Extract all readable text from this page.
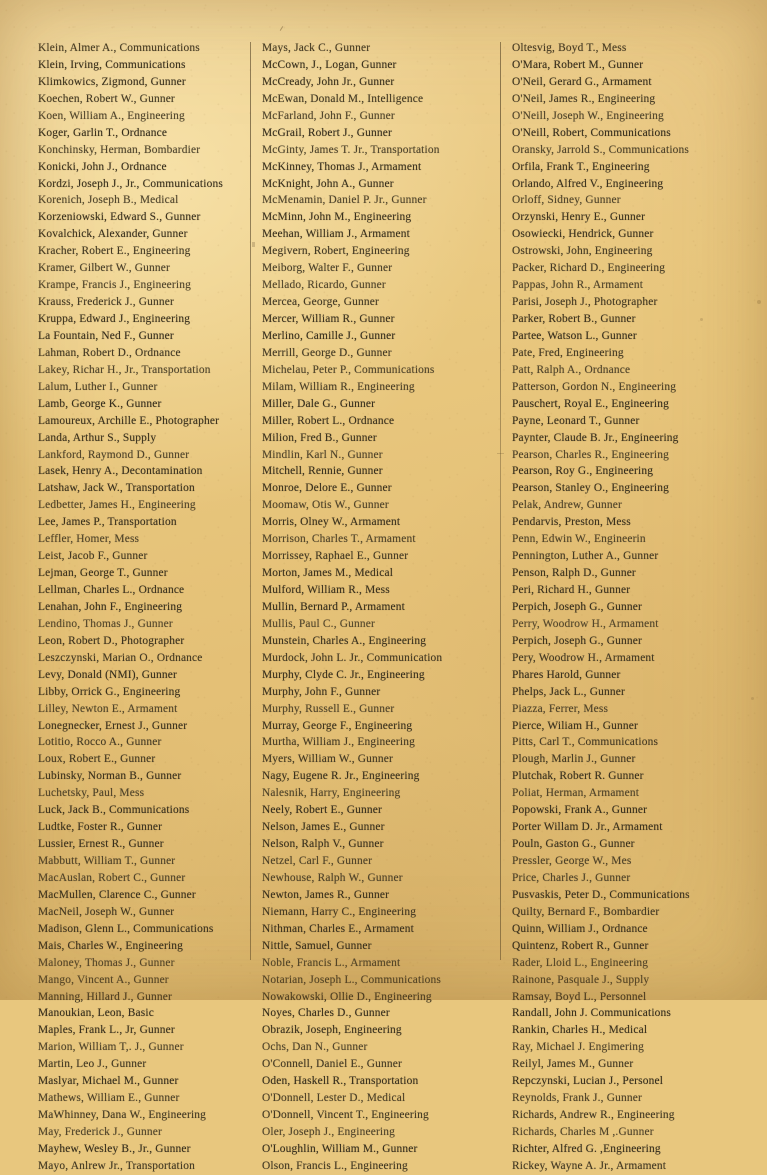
Klein, Almer A., Communications
Klein, Irving, Communications
Klimkowics, Zigmond, Gunner
Koechen, Robert W., Gunner
Koen, William A., Engineering
Koger, Garlin T., Ordnance
Konchinsky, Herman, Bombardier
Konicki, John J., Ordnance
Kordzi, Joseph J., Jr., Communications
Korenich, Joseph B., Medical
Korzeniowski, Edward S., Gunner
Kovalchick, Alexander, Gunner
Kracher, Robert E., Engineering
Kramer, Gilbert W., Gunner
Krampe, Francis J., Engineering
Krauss, Frederick J., Gunner
Kruppa, Edward J., Engineering
La Fountain, Ned F., Gunner
Lahman, Robert D., Ordnance
Lakey, Richar H., Jr., Transportation
Lalum, Luther I., Gunner
Lamb, George K., Gunner
Lamoureux, Archille E., Photographer
Landa, Arthur S., Supply
Lankford, Raymond D., Gunner
Lasek, Henry A., Decontamination
Latshaw, Jack W., Transportation
Ledbetter, James H., Engineering
Lee, James P., Transportation
Leffler, Homer, Mess
Leist, Jacob F., Gunner
Lejman, George T., Gunner
Lellman, Charles L., Ordnance
Lenahan, John F., Engineering
Lendino, Thomas J., Gunner
Leon, Robert D., Photographer
Leszczynski, Marian O., Ordnance
Levy, Donald (NMI), Gunner
Libby, Orrick G., Engineering
Lilley, Newton E., Armament
Lonegnecker, Ernest J., Gunner
Lotitio, Rocco A., Gunner
Loux, Robert E., Gunner
Lubinsky, Norman B., Gunner
Luchetsky, Paul, Mess
Luck, Jack B., Communications
Ludtke, Foster R., Gunner
Lussier, Ernest R., Gunner
Mabbutt, William T., Gunner
MacAuslan, Robert C., Gunner
MacMullen, Clarence C., Gunner
MacNeil, Joseph W., Gunner
Madison, Glenn L., Communications
Mais, Charles W., Engineering
Maloney, Thomas J., Gunner
Mango, Vincent A., Gunner
Manning, Hillard J., Gunner
Manoukian, Leon, Basic
Maples, Frank L., Jr, Gunner
Marion, William T,. J., Gunner
Martin, Leo J., Gunner
Maslyar, Michael M., Gunner
Mathews, William E., Gunner
MaWhinney, Dana W., Engineering
May, Frederick J., Gunner
Mayhew, Wesley B., Jr., Gunner
Mayo, Anlrew Jr., Transportation
Mays, Jack C., Gunner
McCown, J., Logan, Gunner
McCready, John Jr., Gunner
McEwan, Donald M., Intelligence
McFarland, John F., Gunner
McGrail, Robert J., Gunner
McGinty, James T. Jr., Transportation
McKinney, Thomas J., Armament
McKnight, John A., Gunner
McMenamin, Daniel P. Jr., Gunner
McMinn, John M., Engineering
Meehan, William J., Armament
Megivern, Robert, Engineering
Meiborg, Walter F., Gunner
Mellado, Ricardo, Gunner
Mercea, George, Gunner
Mercer, William R., Gunner
Merlino, Camille J., Gunner
Merrill, George D., Gunner
Michelau, Peter P., Communications
Milam, William R., Engineering
Miller, Dale G., Gunner
Miller, Robert L., Ordnance
Milion, Fred B., Gunner
Mindlin, Karl N., Gunner
Mitchell, Rennie, Gunner
Monroe, Delore E., Gunner
Moomaw, Otis W., Gunner
Morris, Olney W., Armament
Morrison, Charles T., Armament
Morrissey, Raphael E., Gunner
Morton, James M., Medical
Mulford, William R., Mess
Mullin, Bernard P., Armament
Mullis, Paul C., Gunner
Munstein, Charles A., Engineering
Murdock, John L. Jr., Communication
Murphy, Clyde C. Jr., Engineering
Murphy, John F., Gunner
Murphy, Russell E., Gunner
Murray, George F., Engineering
Murtha, William J., Engineering
Myers, William W., Gunner
Nagy, Eugene R. Jr., Engineering
Nalesnik, Harry, Engineering
Neely, Robert E., Gunner
Nelson, James E., Gunner
Nelson, Ralph V., Gunner
Netzel, Carl F., Gunner
Newhouse, Ralph W., Gunner
Newton, James R., Gunner
Niemann, Harry C., Engineering
Nithman, Charles E., Armament
Nittle, Samuel, Gunner
Noble, Francis L., Armament
Notarian, Joseph L., Communications
Nowakowski, Ollie D., Engineering
Noyes, Charles D., Gunner
Obrazik, Joseph, Engineering
Ochs, Dan N., Gunner
O'Connell, Daniel E., Gunner
Oden, Haskell R., Transportation
O'Donnell, Lester D., Medical
O'Donnell, Vincent T., Engineering
Oler, Joseph J., Engineering
O'Loughlin, William M., Gunner
Olson, Francis L., Engineering
Oltesvig, Boyd T., Mess
O'Mara, Robert M., Gunner
O'Neil, Gerard G., Armament
O'Neil, James R., Engineering
O'Neill, Joseph W., Engineering
O'Neill, Robert, Communications
Oransky, Jarrold S., Communications
Orfila, Frank T., Engineering
Orlando, Alfred V., Engineering
Orloff, Sidney, Gunner
Orzynski, Henry E., Gunner
Osowiecki, Hendrick, Gunner
Ostrowski, John, Engineering
Packer, Richard D., Engineering
Pappas, John R., Armament
Parisi, Joseph J., Photographer
Parker, Robert B., Gunner
Partee, Watson L., Gunner
Pate, Fred, Engineering
Patt, Ralph A., Ordnance
Patterson, Gordon N., Engineering
Pauschert, Royal E., Engineering
Payne, Leonard T., Gunner
Paynter, Claude B. Jr., Engineering
Pearson, Charles R., Engineering
Pearson, Roy G., Engineering
Pearson, Stanley O., Engineering
Pelak, Andrew, Gunner
Pendarvis, Preston, Mess
Penn, Edwin W., Engineerin
Pennington, Luther A., Gunner
Penson, Ralph D., Gunner
Peri, Richard H., Gunner
Perpich, Joseph G., Gunner
Perry, Woodrow H., Armament
Perpich, Joseph G., Gunner
Pery, Woodrow H., Armament
Phares Harold, Gunner
Phelps, Jack L., Gunner
Piazza, Ferrer, Mess
Pierce, Wiliam H., Gunner
Pitts, Carl T., Communications
Plough, Marlin J., Gunner
Plutchak, Robert R. Gunner
Poliat, Herman, Armament
Popowski, Frank A., Gunner
Porter Willam D. Jr., Armament
Pouln, Gaston G., Gunner
Pressler, George W., Mes
Price, Charles J., Gunner
Pusvaskis, Peter D., Communications
Quilty, Bernard F., Bombardier
Quinn, William J., Ordnance
Quintenz, Robert R., Gunner
Rader, Lloid L., Engineering
Rainone, Pasquale J., Supply
Ramsay, Boyd L., Personnel
Randall, John J. Communications
Rankin, Charles H., Medical
Ray, Michael J. Engimering
Reilyl, James M., Gunner
Repczynski, Lucian J., Personel
Reynolds, Frank J., Gunner
Richards, Andrew R., Engineering
Richards, Charles M ,.Gunner
Richter, Alfred G. ,Engineering
Rickey, Wayne A. Jr., Armament
